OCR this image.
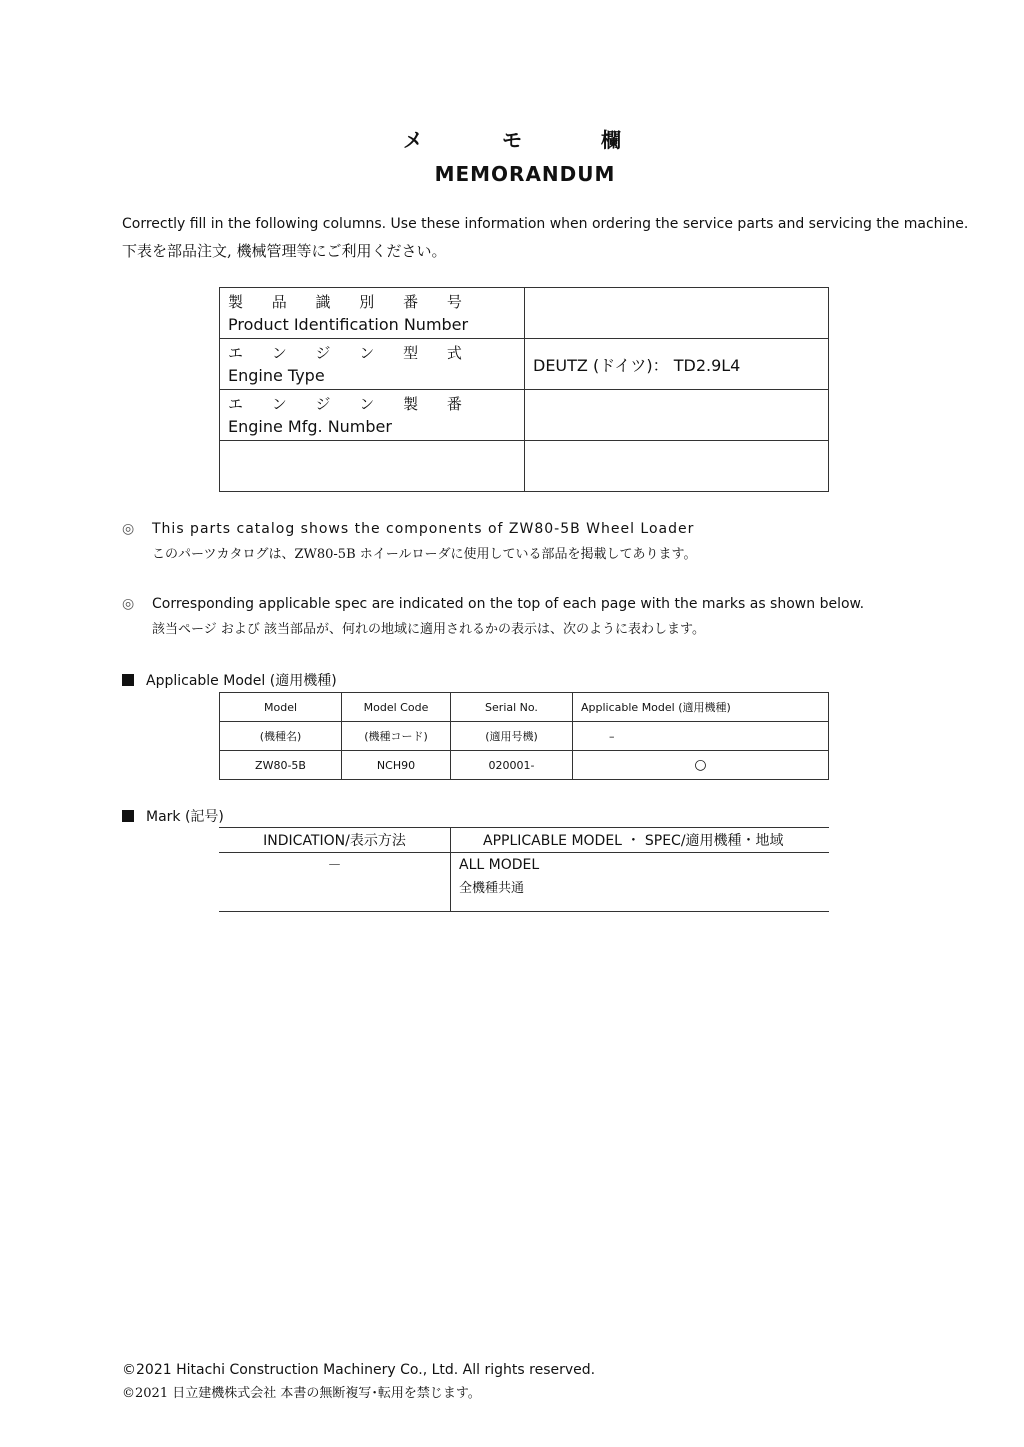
メ モ 欄
MEMORANDUM
Correctly fill in the following columns. Use these information when ordering the service parts and servicing the machine.
下表を部品注文, 機械管理等にご利用ください。
製 品 識 別 番 号
Product Identification Number	

エ ン ジ ン 型 式
Engine Type	DEUTZ (ドイツ)： TD2.9L4

エ ン ジ ン 製 番
Engine Mfg. Number	

◎ This parts catalog shows the components of ZW80-5B Wheel Loader
このパーツカタログは、ZW80-5B ホイールローダに使用している部品を掲載してあります。
◎ Corresponding applicable spec are indicated on the top of each page with the marks as shown below.
該当ページ および 該当部品が、何れの地域に適用されるかの表示は、次のように表わします。
Applicable Model (適用機種)
Model	Model Code	Serial No.	Applicable Model (適用機種)
(機種名)	(機種コード)	(適用号機)	–
ZW80-5B	NCH90	020001-	○
Mark (記号)
INDICATION/表示方法	APPLICABLE MODEL ・ SPEC/適用機種・地域
－	ALL MODEL
全機種共通
©2021 Hitachi Construction Machinery Co., Ltd. All rights reserved.
©2021 日立建機株式会社 本書の無断複写･転用を禁じます。
